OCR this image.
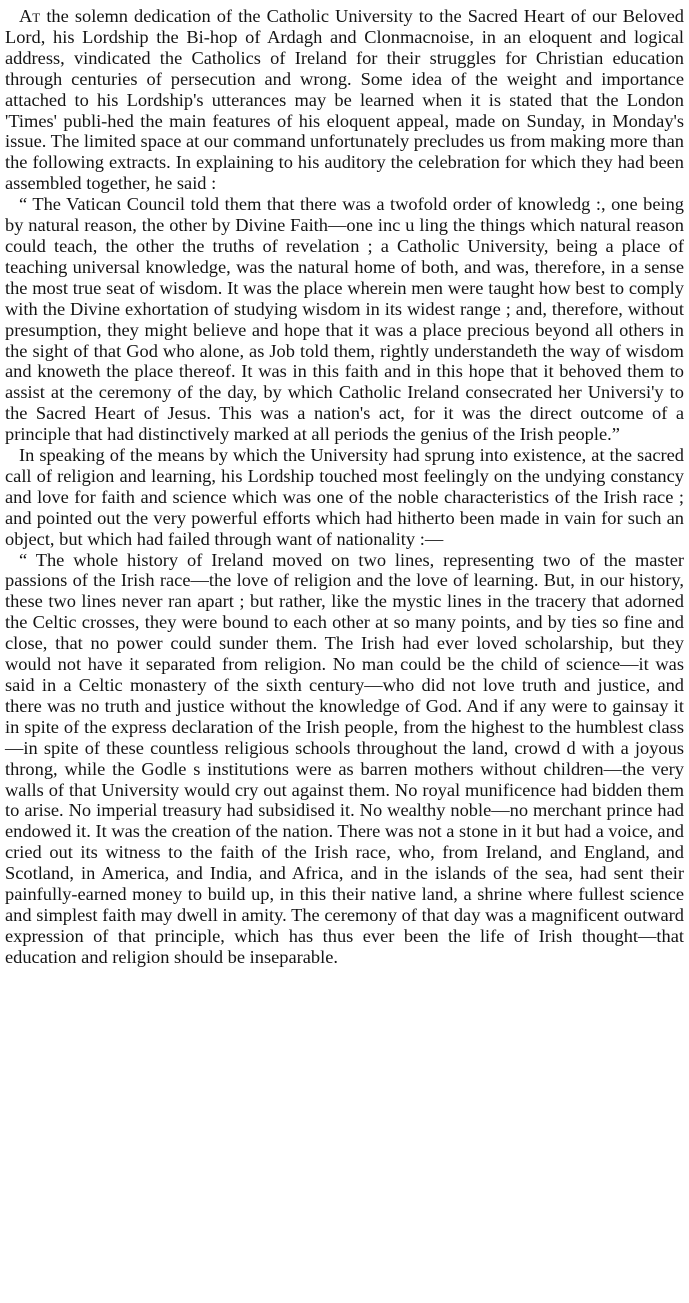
At the solemn dedication of the Catholic University to the Sacred Heart of our Beloved Lord, his Lordship the Bi-hop of Ardagh and Clonmacnoise, in an eloquent and logical address, vindicated the Catholics of Ireland for their struggles for Christian education through centuries of persecution and wrong. Some idea of the weight and importance attached to his Lordship's utterances may be learned when it is stated that the London 'Times' publi-hed the main features of his eloquent appeal, made on Sunday, in Monday's issue. The limited space at our command unfortunately precludes us from making more than the following extracts. In explaining to his auditory the celebration for which they had been assembled together, he said :

“ The Vatican Council told them that there was a twofold order of knowledg :, one being by natural reason, the other by Divine Faith—one inc u ling the things which natural reason could teach, the other the truths of revelation ; a Catholic University, being a place of teaching universal knowledge, was the natural home of both, and was, therefore, in a sense the most true seat of wisdom. It was the place wherein men were taught how best to comply with the Divine exhortation of studying wisdom in its widest range ; and, therefore, without presumption, they might believe and hope that it was a place precious beyond all others in the sight of that God who alone, as Job told them, rightly understandeth the way of wisdom and knoweth the place thereof. It was in this faith and in this hope that it behoved them to assist at the ceremony of the day, by which Catholic Ireland consecrated her Universi'y to the Sacred Heart of Jesus. This was a nation's act, for it was the direct outcome of a principle that had distinctively marked at all periods the genius of the Irish people.”

In speaking of the means by which the University had sprung into existence, at the sacred call of religion and learning, his Lordship touched most feelingly on the undying constancy and love for faith and science which was one of the noble characteristics of the Irish race ; and pointed out the very powerful efforts which had hitherto been made in vain for such an object, but which had failed through want of nationality :—

“ The whole history of Ireland moved on two lines, representing two of the master passions of the Irish race—the love of religion and the love of learning. But, in our history, these two lines never ran apart ; but rather, like the mystic lines in the tracery that adorned the Celtic crosses, they were bound to each other at so many points, and by ties so fine and close, that no power could sunder them. The Irish had ever loved scholarship, but they would not have it separated from religion. No man could be the child of science—it was said in a Celtic monastery of the sixth century—who did not love truth and justice, and there was no truth and justice without the knowledge of God. And if any were to gainsay it in spite of the express declaration of the Irish people, from the highest to the humblest class—in spite of these countless religious schools throughout the land, crowd d with a joyous throng, while the Godle s institutions were as barren mothers without children—the very walls of that University would cry out against them. No royal munificence had bidden them to arise. No imperial treasury had subsidised it. No wealthy noble—no merchant prince had endowed it. It was the creation of the nation. There was not a stone in it but had a voice, and cried out its witness to the faith of the Irish race, who, from Ireland, and England, and Scotland, in America, and India, and Africa, and in the islands of the sea, had sent their painfully-earned money to build up, in this their native land, a shrine where fullest science and simplest faith may dwell in amity. The ceremony of that day was a magnificent outward expression of that principle, which has thus ever been the life of Irish thought—that education and religion should be inseparable.
